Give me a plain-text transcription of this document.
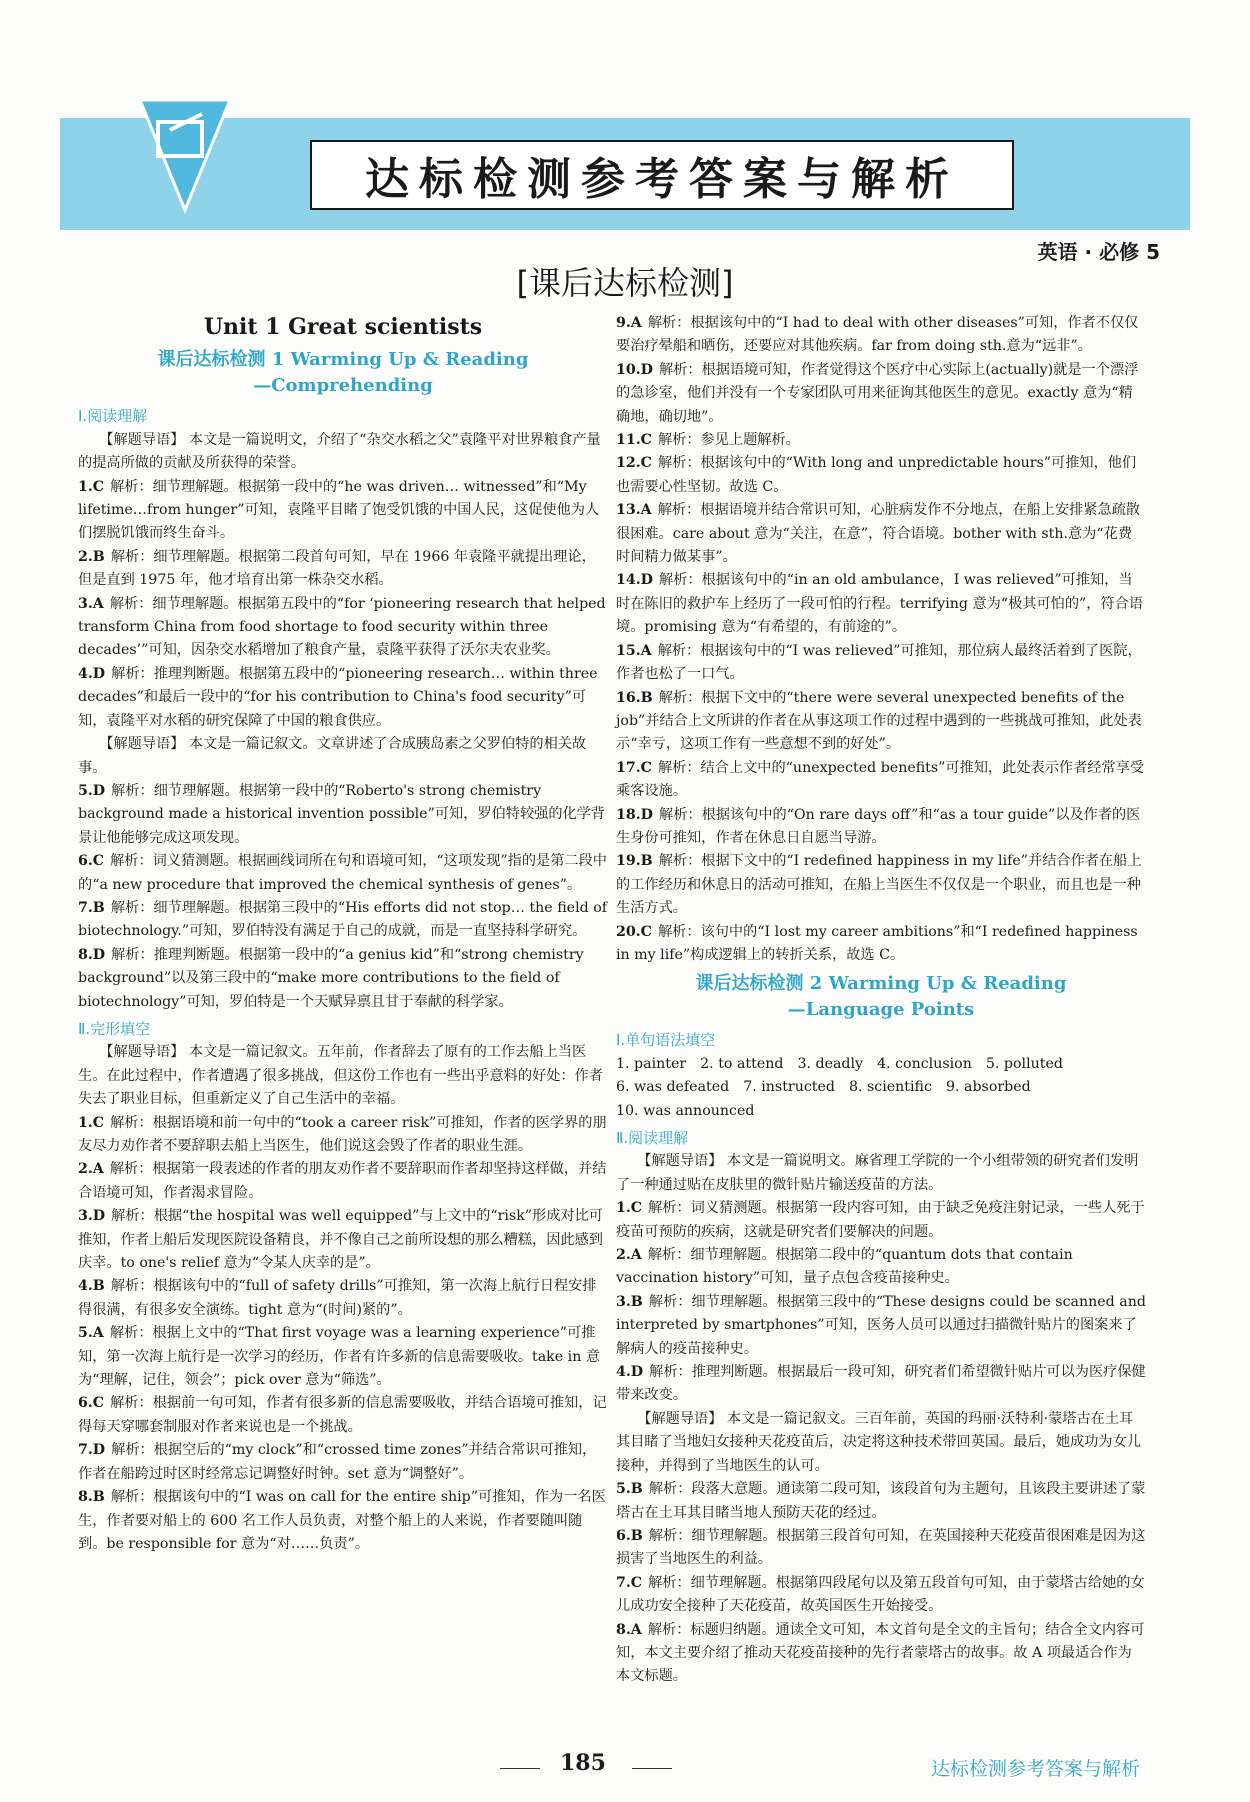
达标检测参考答案与解析
英语 · 必修 5
[课后达标检测]
Unit 1 Great scientists
课后达标检测 1 Warming Up & Reading
—Comprehending
Ⅰ.阅读理解

【解题导语】 本文是一篇说明文，介绍了“杂交水稻之父”袁隆平对世界粮食产量的提高所做的贡献及所获得的荣誉。

1.C 解析：细节理解题。根据第一段中的“he was driven… witnessed”和“My lifetime…from hunger”可知，袁隆平目睹了饱受饥饿的中国人民，这促使他为人们摆脱饥饿而终生奋斗。

2.B 解析：细节理解题。根据第二段首句可知，早在 1966 年袁隆平就提出理论，但是直到 1975 年，他才培育出第一株杂交水稻。

3.A 解析：细节理解题。根据第五段中的“for ‘pioneering research that helped transform China from food shortage to food security within three decades’”可知，因杂交水稻增加了粮食产量，袁隆平获得了沃尔夫农业奖。

4.D 解析：推理判断题。根据第五段中的“pioneering research… within three decades”和最后一段中的“for his contribution to China's food security”可知，袁隆平对水稻的研究保障了中国的粮食供应。

【解题导语】 本文是一篇记叙文。文章讲述了合成胰岛素之父罗伯特的相关故事。

5.D 解析：细节理解题。根据第一段中的“Roberto's strong chemistry background made a historical invention possible”可知，罗伯特较强的化学背景让他能够完成这项发现。

6.C 解析：词义猜测题。根据画线词所在句和语境可知，“这项发现”指的是第二段中的“a new procedure that improved the chemical synthesis of genes”。

7.B 解析：细节理解题。根据第三段中的“His efforts did not stop… the field of biotechnology.”可知，罗伯特没有满足于自己的成就，而是一直坚持科学研究。

8.D 解析：推理判断题。根据第一段中的“a genius kid”和“strong chemistry background”以及第三段中的“make more contributions to the field of biotechnology”可知，罗伯特是一个天赋异禀且甘于奉献的科学家。

Ⅱ.完形填空

【解题导语】 本文是一篇记叙文。五年前，作者辞去了原有的工作去船上当医生。在此过程中，作者遭遇了很多挑战，但这份工作也有一些出乎意料的好处：作者失去了职业目标，但重新定义了自己生活中的幸福。

1.C 解析：根据语境和前一句中的“took a career risk”可推知，作者的医学界的朋友尽力劝作者不要辞职去船上当医生，他们说这会毁了作者的职业生涯。

2.A 解析：根据第一段表述的作者的朋友劝作者不要辞职而作者却坚持这样做，并结合语境可知，作者渴求冒险。

3.D 解析：根据“the hospital was well equipped”与上文中的“risk”形成对比可推知，作者上船后发现医院设备精良，并不像自己之前所设想的那么糟糕，因此感到庆幸。to one's relief 意为“令某人庆幸的是”。

4.B 解析：根据该句中的“full of safety drills”可推知，第一次海上航行日程安排得很满，有很多安全演练。tight 意为“(时间)紧的”。

5.A 解析：根据上文中的“That first voyage was a learning experience”可推知，第一次海上航行是一次学习的经历，作者有许多新的信息需要吸收。take in 意为“理解，记住，领会”；pick over 意为“筛选”。

6.C 解析：根据前一句可知，作者有很多新的信息需要吸收，并结合语境可推知，记得每天穿哪套制服对作者来说也是一个挑战。

7.D 解析：根据空后的“my clock”和“crossed time zones”并结合常识可推知，作者在船跨过时区时经常忘记调整好时钟。set 意为“调整好”。

8.B 解析：根据该句中的“I was on call for the entire ship”可推知，作为一名医生，作者要对船上的 600 名工作人员负责，对整个船上的人来说，作者要随叫随到。be responsible for 意为“对……负责”。

9.A 解析：根据该句中的“I had to deal with other diseases”可知，作者不仅仅要治疗晕船和晒伤，还要应对其他疾病。far from doing sth.意为“远非”。

10.D 解析：根据语境可知，作者觉得这个医疗中心实际上(actually)就是一个漂浮的急诊室，他们并没有一个专家团队可用来征询其他医生的意见。exactly 意为“精确地，确切地”。

11.C 解析：参见上题解析。

12.C 解析：根据该句中的“With long and unpredictable hours”可推知，他们也需要心性坚韧。故选 C。

13.A 解析：根据语境并结合常识可知，心脏病发作不分地点，在船上安排紧急疏散很困难。care about 意为“关注，在意”，符合语境。bother with sth.意为“花费时间精力做某事”。

14.D 解析：根据该句中的“in an old ambulance，I was relieved”可推知，当时在陈旧的救护车上经历了一段可怕的行程。terrifying 意为“极其可怕的”，符合语境。promising 意为“有希望的，有前途的”。

15.A 解析：根据该句中的“I was relieved”可推知，那位病人最终活着到了医院，作者也松了一口气。

16.B 解析：根据下文中的“there were several unexpected benefits of the job”并结合上文所讲的作者在从事这项工作的过程中遇到的一些挑战可推知，此处表示“幸亏，这项工作有一些意想不到的好处”。

17.C 解析：结合上文中的“unexpected benefits”可推知，此处表示作者经常享受乘客设施。

18.D 解析：根据该句中的“On rare days off”和“as a tour guide”以及作者的医生身份可推知，作者在休息日自愿当导游。

19.B 解析：根据下文中的“I redefined happiness in my life”并结合作者在船上的工作经历和休息日的活动可推知，在船上当医生不仅仅是一个职业，而且也是一种生活方式。

20.C 解析：该句中的“I lost my career ambitions”和“I redefined happiness in my life”构成逻辑上的转折关系，故选 C。

课后达标检测 2 Warming Up & Reading
—Language Points
Ⅰ.单句语法填空
1. painter 2. to attend 3. deadly 4. conclusion 5. polluted
6. was defeated 7. instructed 8. scientific 9. absorbed
10. was announced
Ⅱ.阅读理解

【解题导语】 本文是一篇说明文。麻省理工学院的一个小组带领的研究者们发明了一种通过贴在皮肤里的微针贴片输送疫苗的方法。

1.C 解析：词义猜测题。根据第一段内容可知，由于缺乏免疫注射记录，一些人死于疫苗可预防的疾病，这就是研究者们要解决的问题。

2.A 解析：细节理解题。根据第二段中的“quantum dots that contain vaccination history”可知，量子点包含疫苗接种史。

3.B 解析：细节理解题。根据第三段中的“These designs could be scanned and interpreted by smartphones”可知，医务人员可以通过扫描微针贴片的图案来了解病人的疫苗接种史。

4.D 解析：推理判断题。根据最后一段可知，研究者们希望微针贴片可以为医疗保健带来改变。

【解题导语】 本文是一篇记叙文。三百年前，英国的玛丽·沃特利·蒙塔古在土耳其目睹了当地妇女接种天花疫苗后，决定将这种技术带回英国。最后，她成功为女儿接种，并得到了当地医生的认可。

5.B 解析：段落大意题。通读第二段可知，该段首句为主题句，且该段主要讲述了蒙塔古在土耳其目睹当地人预防天花的经过。

6.B 解析：细节理解题。根据第三段首句可知，在英国接种天花疫苗很困难是因为这损害了当地医生的利益。

7.C 解析：细节理解题。根据第四段尾句以及第五段首句可知，由于蒙塔古给她的女儿成功安全接种了天花疫苗，故英国医生开始接受。

8.A 解析：标题归纳题。通读全文可知，本文首句是全文的主旨句；结合全文内容可知，本文主要介绍了推动天花疫苗接种的先行者蒙塔古的故事。故 A 项最适合作为本文标题。

185	达标检测参考答案与解析
